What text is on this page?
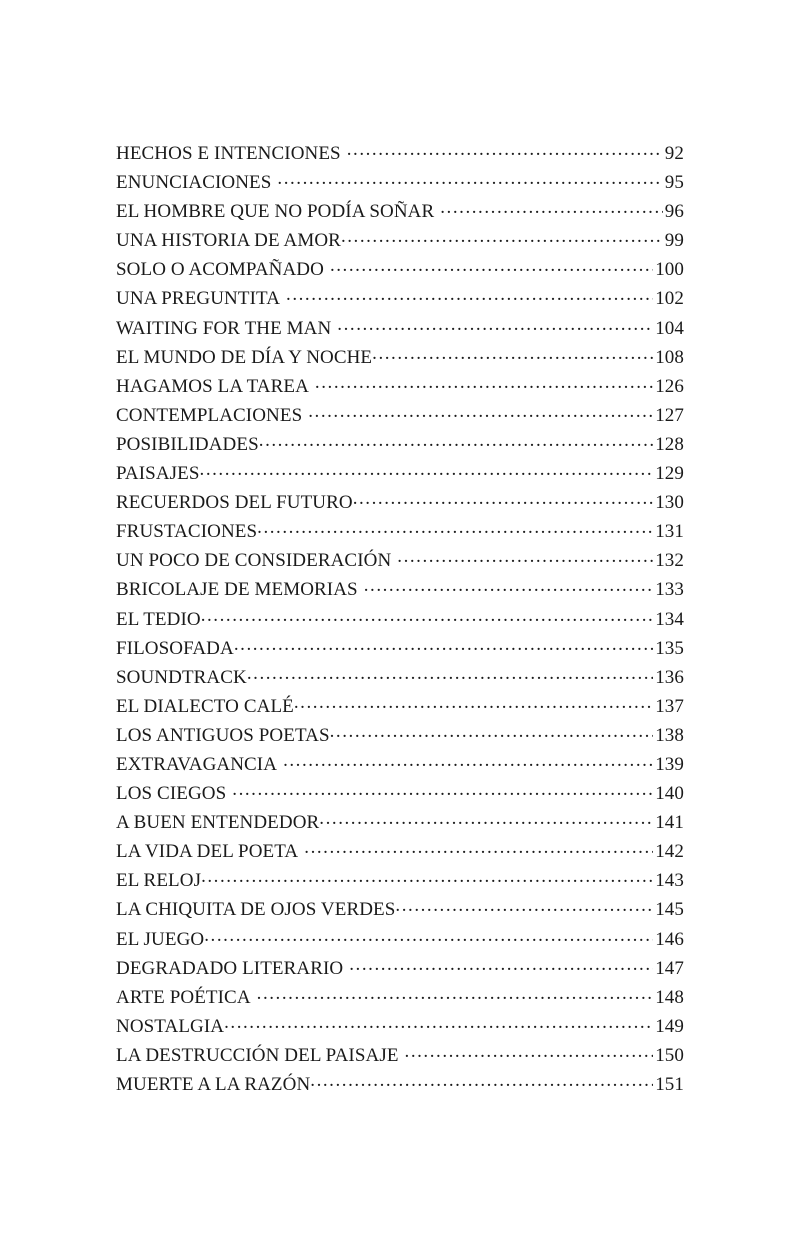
HECHOS E INTENCIONES .....	92
ENUNCIACIONES .....	95
EL HOMBRE QUE NO PODÍA SOÑAR .....	96
UNA HISTORIA DE AMOR .....	99
SOLO O ACOMPAÑADO .....	100
UNA PREGUNTITA .....	102
WAITING FOR THE MAN .....	104
EL MUNDO DE DÍA Y NOCHE .....	108
HAGAMOS LA TAREA .....	126
CONTEMPLACIONES .....	127
POSIBILIDADES .....	128
PAISAJES .....	129
RECUERDOS DEL FUTURO .....	130
FRUSTACIONES .....	131
UN POCO DE CONSIDERACIÓN .....	132
BRICOLAJE DE MEMORIAS .....	133
EL TEDIO .....	134
FILOSOFADA .....	135
SOUNDTRACK .....	136
EL DIALECTO CALÉ .....	137
LOS ANTIGUOS POETAS .....	138
EXTRAVAGANCIA .....	139
LOS CIEGOS .....	140
A BUEN ENTENDEDOR .....	141
LA VIDA DEL POETA .....	142
EL RELOJ .....	143
LA CHIQUITA DE OJOS VERDES .....	145
EL JUEGO .....	146
DEGRADADO LITERARIO .....	147
ARTE POÉTICA .....	148
NOSTALGIA .....	149
LA DESTRUCCIÓN DEL PAISAJE .....	150
MUERTE A LA RAZÓN .....	151
